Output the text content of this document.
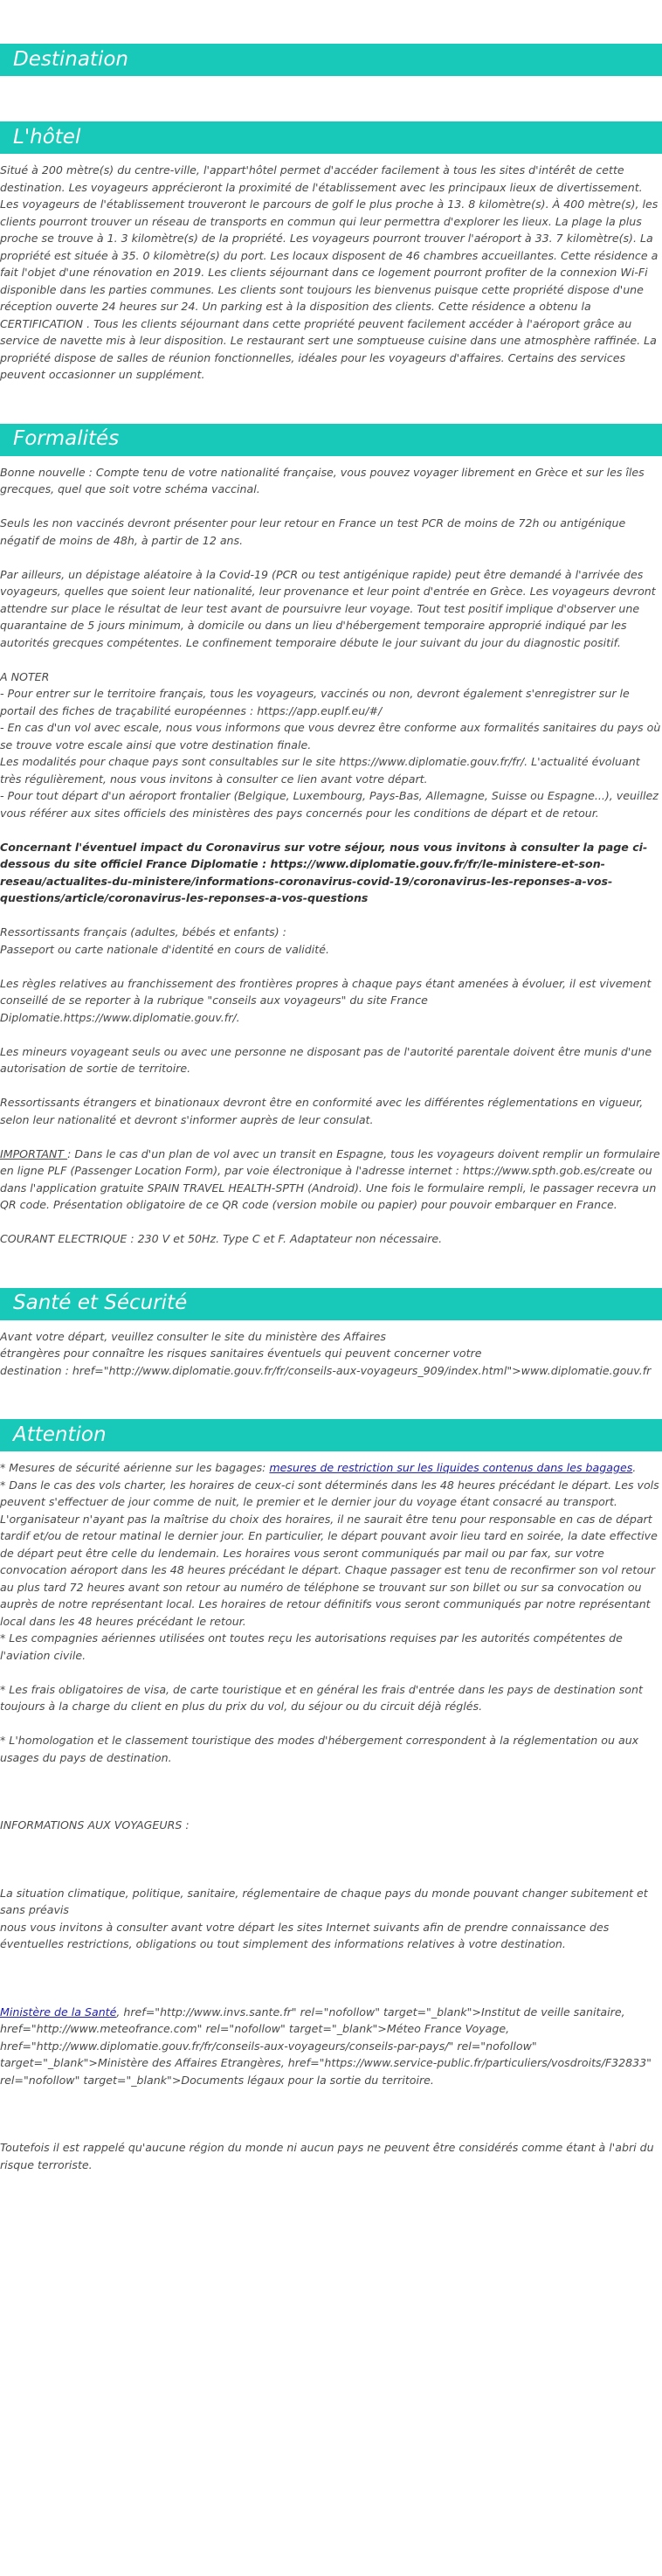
Destination
L'hôtel

Situé à 200 mètre(s) du centre-ville, l'appart'hôtel permet d'accéder facilement à tous les sites d'intérêt de cette destination. Les voyageurs apprécieront la proximité de l'établissement avec les principaux lieux de divertissement. Les voyageurs de l'établissement trouveront le parcours de golf le plus proche à 13. 8 kilomètre(s). À 400 mètre(s), les clients pourront trouver un réseau de transports en commun qui leur permettra d'explorer les lieux. La plage la plus proche se trouve à 1. 3 kilomètre(s) de la propriété. Les voyageurs pourront trouver l'aéroport à 33. 7 kilomètre(s). La propriété est située à 35. 0 kilomètre(s) du port. Les locaux disposent de 46 chambres accueillantes. Cette résidence a fait l'objet d'une rénovation en 2019. Les clients séjournant dans ce logement pourront profiter de la connexion Wi-Fi disponible dans les parties communes. Les clients sont toujours les bienvenus puisque cette propriété dispose d'une réception ouverte 24 heures sur 24. Un parking est à la disposition des clients. Cette résidence a obtenu la CERTIFICATION . Tous les clients séjournant dans cette propriété peuvent facilement accéder à l'aéroport grâce au service de navette mis à leur disposition. Le restaurant sert une somptueuse cuisine dans une atmosphère raffinée. La propriété dispose de salles de réunion fonctionnelles, idéales pour les voyageurs d'affaires. Certains des services peuvent occasionner un supplément.

Formalités

Bonne nouvelle : Compte tenu de votre nationalité française, vous pouvez voyager librement en Grèce et sur les îles grecques, quel que soit votre schéma vaccinal.

Seuls les non vaccinés devront présenter pour leur retour en France un test PCR de moins de 72h ou antigénique négatif de moins de 48h, à partir de 12 ans.

Par ailleurs, un dépistage aléatoire à la Covid-19 (PCR ou test antigénique rapide) peut être demandé à l'arrivée des voyageurs, quelles que soient leur nationalité, leur provenance et leur point d'entrée en Grèce. Les voyageurs devront attendre sur place le résultat de leur test avant de poursuivre leur voyage. Tout test positif implique d'observer une quarantaine de 5 jours minimum, à domicile ou dans un lieu d'hébergement temporaire approprié indiqué par les autorités grecques compétentes. Le confinement temporaire débute le jour suivant du jour du diagnostic positif.

A NOTER

- Pour entrer sur le territoire français, tous les voyageurs, vaccinés ou non, devront également s'enregistrer sur le portail des fiches de traçabilité européennes : https://app.euplf.eu/#/

- En cas d'un vol avec escale, nous vous informons que vous devrez être conforme aux formalités sanitaires du pays où se trouve votre escale ainsi que votre destination finale.

Les modalités pour chaque pays sont consultables sur le site https://www.diplomatie.gouv.fr/fr/. L'actualité évoluant très régulièrement, nous vous invitons à consulter ce lien avant votre départ.

- Pour tout départ d'un aéroport frontalier (Belgique, Luxembourg, Pays-Bas, Allemagne, Suisse ou Espagne...), veuillez vous référer aux sites officiels des ministères des pays concernés pour les conditions de départ et de retour.

Concernant l'éventuel impact du Coronavirus sur votre séjour, nous vous invitons à consulter la page ci-dessous du site officiel France Diplomatie : https://www.diplomatie.gouv.fr/fr/le-ministere-et-son-reseau/actualites-du-ministere/informations-coronavirus-covid-19/coronavirus-les-reponses-a-vos-questions/article/coronavirus-les-reponses-a-vos-questions

Ressortissants français (adultes, bébés et enfants) :

Passeport ou carte nationale d'identité en cours de validité.

Les règles relatives au franchissement des frontières propres à chaque pays étant amenées à évoluer, il est vivement conseillé de se reporter à la rubrique "conseils aux voyageurs" du site France Diplomatie.https://www.diplomatie.gouv.fr/.

Les mineurs voyageant seuls ou avec une personne ne disposant pas de l'autorité parentale doivent être munis d'une autorisation de sortie de territoire.

Ressortissants étrangers et binationaux devront être en conformité avec les différentes réglementations en vigueur, selon leur nationalité et devront s'informer auprès de leur consulat.

IMPORTANT : Dans le cas d'un plan de vol avec un transit en Espagne, tous les voyageurs doivent remplir un formulaire en ligne PLF (Passenger Location Form), par voie électronique à l'adresse internet : https://www.spth.gob.es/create ou dans l'application gratuite SPAIN TRAVEL HEALTH-SPTH (Android). Une fois le formulaire rempli, le passager recevra un QR code. Présentation obligatoire de ce QR code (version mobile ou papier) pour pouvoir embarquer en France.

COURANT ELECTRIQUE : 230 V et 50Hz. Type C et F. Adaptateur non nécessaire.

Santé et Sécurité

Avant votre départ, veuillez consulter le site du ministère des Affaires

étrangères pour connaître les risques sanitaires éventuels qui peuvent concerner votre

destination : href="http://www.diplomatie.gouv.fr/fr/conseils-aux-voyageurs_909/index.html">www.diplomatie.gouv.fr

Attention

* Mesures de sécurité aérienne sur les bagages: mesures de restriction sur les liquides contenus dans les bagages.

* Dans le cas des vols charter, les horaires de ceux-ci sont déterminés dans les 48 heures précédant le départ. Les vols peuvent s'effectuer de jour comme de nuit, le premier et le dernier jour du voyage étant consacré au transport. L'organisateur n'ayant pas la maîtrise du choix des horaires, il ne saurait être tenu pour responsable en cas de départ tardif et/ou de retour matinal le dernier jour. En particulier, le départ pouvant avoir lieu tard en soirée, la date effective de départ peut être celle du lendemain. Les horaires vous seront communiqués par mail ou par fax, sur votre convocation aéroport dans les 48 heures précédant le départ. Chaque passager est tenu de reconfirmer son vol retour au plus tard 72 heures avant son retour au numéro de téléphone se trouvant sur son billet ou sur sa convocation ou auprès de notre représentant local. Les horaires de retour définitifs vous seront communiqués par notre représentant local dans les 48 heures précédant le retour.

* Les compagnies aériennes utilisées ont toutes reçu les autorisations requises par les autorités compétentes de l'aviation civile.

* Les frais obligatoires de visa, de carte touristique et en général les frais d'entrée dans les pays de destination sont toujours à la charge du client en plus du prix du vol, du séjour ou du circuit déjà réglés.

* L'homologation et le classement touristique des modes d'hébergement correspondent à la réglementation ou aux usages du pays de destination.

INFORMATIONS AUX VOYAGEURS :

La situation climatique, politique, sanitaire, réglementaire de chaque pays du monde pouvant changer subitement et sans préavis

nous vous invitons à consulter avant votre départ les sites Internet suivants afin de prendre connaissance des éventuelles restrictions, obligations ou tout simplement des informations relatives à votre destination.

Ministère de la Santé, href="http://www.invs.sante.fr" rel="nofollow" target="_blank">Institut de veille sanitaire, href="http://www.meteofrance.com" rel="nofollow" target="_blank">Méteo France Voyage, href="http://www.diplomatie.gouv.fr/fr/conseils-aux-voyageurs/conseils-par-pays/" rel="nofollow" target="_blank">Ministère des Affaires Etrangères, href="https://www.service-public.fr/particuliers/vosdroits/F32833" rel="nofollow" target="_blank">Documents légaux pour la sortie du territoire.

Toutefois il est rappelé qu'aucune région du monde ni aucun pays ne peuvent être considérés comme étant à l'abri du risque terroriste.
